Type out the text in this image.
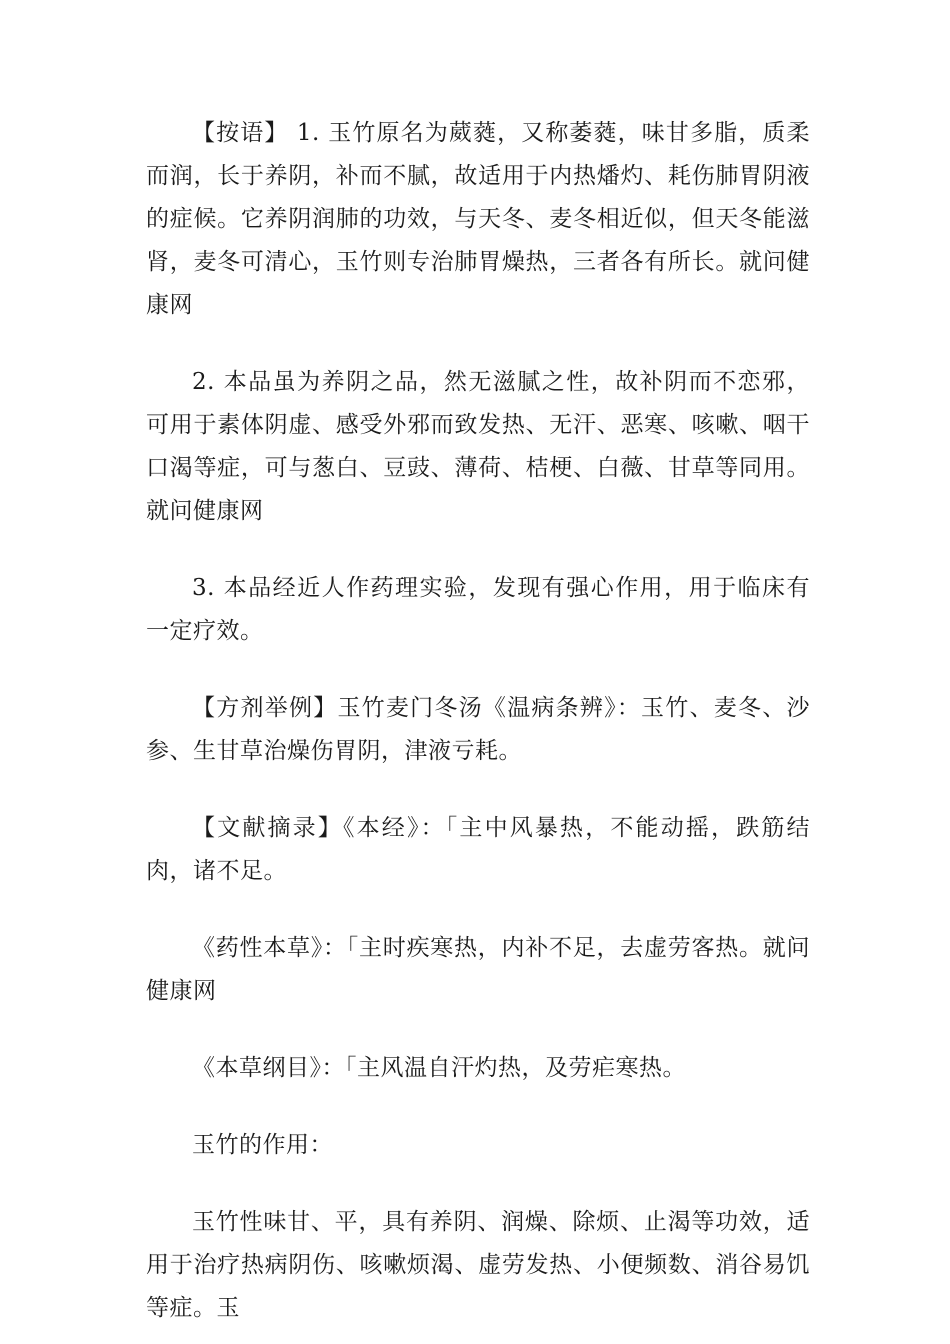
【按语】 1. 玉竹原名为葳蕤，又称萎蕤，味甘多脂，质柔而润，长于养阴，补而不腻，故适用于内热燔灼、耗伤肺胃阴液的症候。它养阴润肺的功效，与天冬、麦冬相近似，但天冬能滋肾，麦冬可清心，玉竹则专治肺胃燥热，三者各有所长。就问健康网

2. 本品虽为养阴之品，然无滋腻之性，故补阴而不恋邪，可用于素体阴虚、感受外邪而致发热、无汗、恶寒、咳嗽、咽干口渴等症，可与葱白、豆豉、薄荷、桔梗、白薇、甘草等同用。就问健康网

3. 本品经近人作药理实验，发现有强心作用，用于临床有一定疗效。

【方剂举例】玉竹麦门冬汤《温病条辨》：玉竹、麦冬、沙参、生甘草治燥伤胃阴，津液亏耗。

【文献摘录】《本经》：「主中风暴热，不能动摇，跌筋结肉，诸不足。

《药性本草》：「主时疾寒热，内补不足，去虚劳客热。就问健康网

《本草纲目》：「主风温自汗灼热，及劳疟寒热。

玉竹的作用：

玉竹性味甘、平，具有养阴、润燥、除烦、止渴等功效，适用于治疗热病阴伤、咳嗽烦渴、虚劳发热、小便频数、消谷易饥等症。玉
